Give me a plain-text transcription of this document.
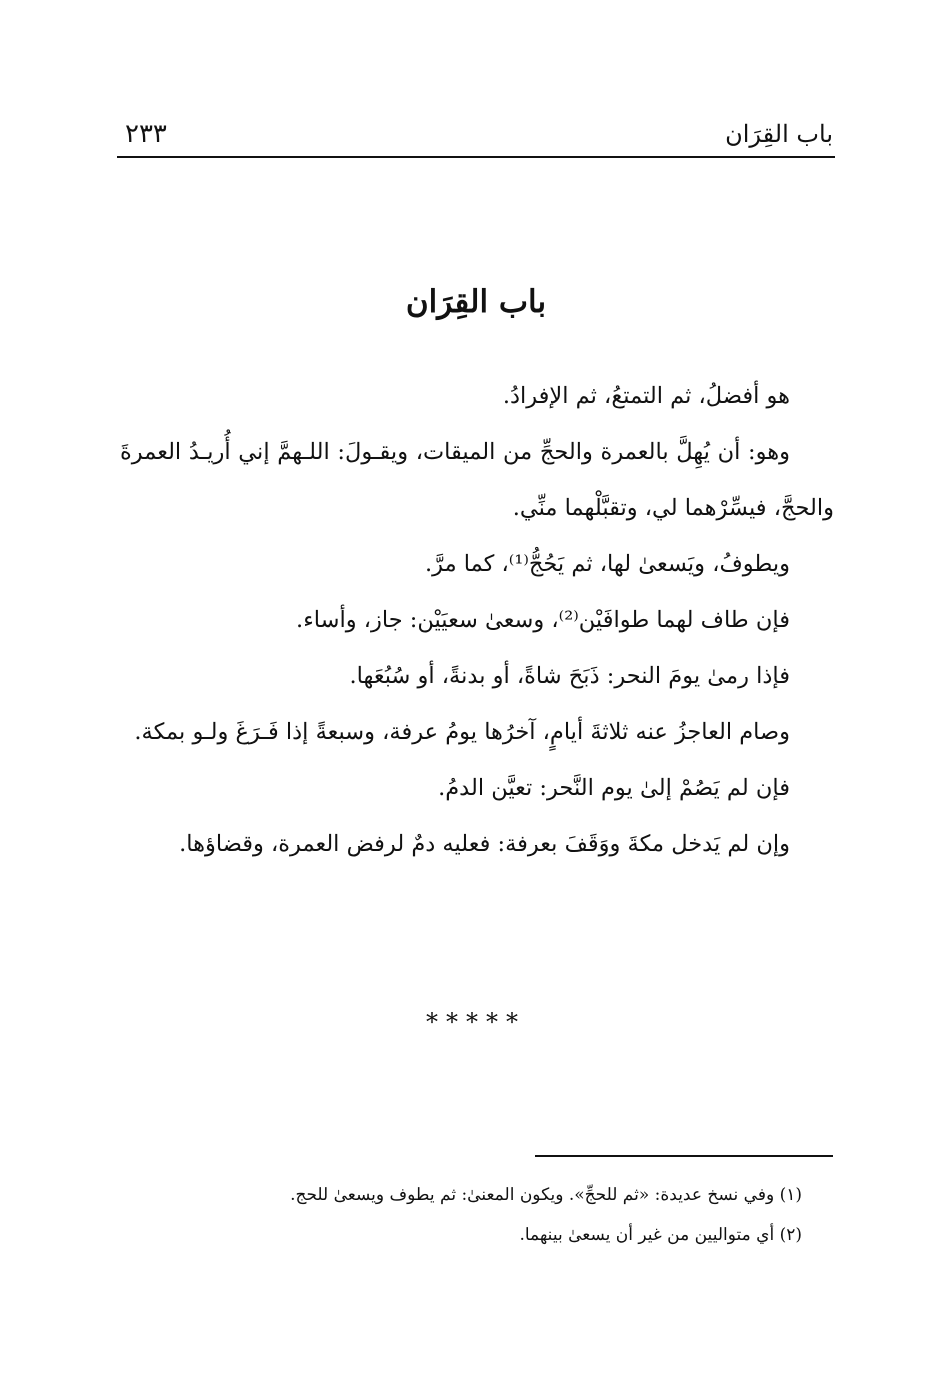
باب القِرَان
٢٣٣
باب القِرَان

هو أفضلُ، ثم التمتعُ، ثم الإفرادُ.

وهو: أن يُهِلَّ بالعمرة والحجِّ من الميقات، ويقـولَ: اللـهمَّ إني أُريـدُ العمرةَ والحجَّ، فيسِّرْهما لي، وتقبَّلْهما منِّي.

ويطوفُ، ويَسعىٰ لها، ثم يَحُجُّ⁽¹⁾، كما مرَّ.

فإن طاف لهما طوافَيْن⁽²⁾، وسعىٰ سعيَيْن: جاز، وأساء.

فإذا رمىٰ يومَ النحر: ذَبَحَ شاةً، أو بدنةً، أو سُبُعَها.

وصام العاجزُ عنه ثلاثةَ أيامٍ، آخرُها يومُ عرفة، وسبعةً إذا فَـرَغَ ولـو بمكة.

فإن لم يَصُمْ إلىٰ يوم النَّحر: تعيَّن الدمُ.

وإن لم يَدخل مكةَ ووَقَفَ بعرفة: فعليه دمٌ لرفض العمرة، وقضاؤها.

*****

(١) وفي نسخ عديدة: «ثم للحجِّ». ويكون المعنىٰ: ثم يطوف ويسعىٰ للحج.

(٢) أي متواليين من غير أن يسعىٰ بينهما.
